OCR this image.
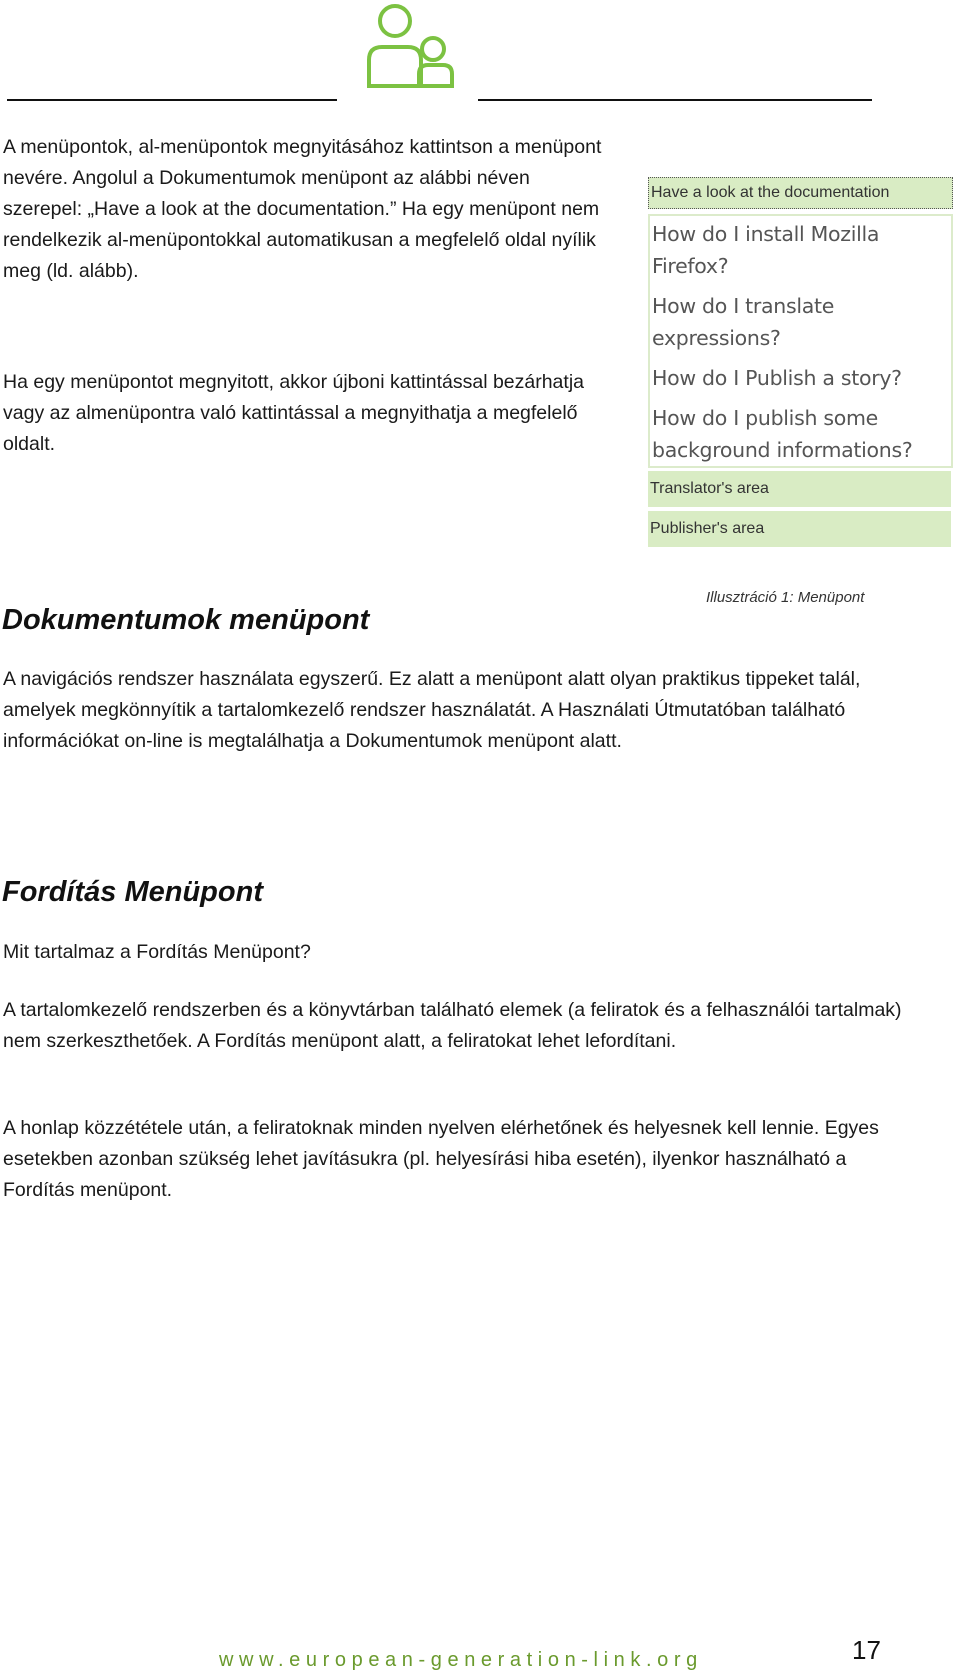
A menüpontok, al-menüpontok megnyitásához kattintson a menüpont nevére. Angolul a Dokumentumok menüpont az alábbi néven szerepel: „Have a look at the documentation.” Ha egy menüpont nem rendelkezik al-menüpontokkal automatikusan a megfelelő oldal nyílik meg (ld. alább).

Ha egy menüpontot megnyitott, akkor újboni kattintással bezárhatja vagy az almenüpontra való kattintással a megnyithatja a megfelelő oldalt.

Have a look at the documentation
How do I install Mozilla Firefox?
How do I translate expressions?
How do I Publish a story?
How do I publish some background informations?
Translator's area
Publisher's area
Illusztráció 1: Menüpont
Dokumentumok menüpont

A navigációs rendszer használata egyszerű. Ez alatt a menüpont alatt olyan praktikus tippeket talál, amelyek megkönnyítik a tartalomkezelő rendszer használatát. A Használati Útmutatóban található információkat on-line is megtalálhatja a Dokumentumok menüpont alatt.

Fordítás Menüpont

Mit tartalmaz a Fordítás Menüpont?

A tartalomkezelő rendszerben és a könyvtárban található elemek (a feliratok és a felhasználói tartalmak) nem szerkeszthetőek. A Fordítás menüpont alatt, a feliratokat lehet lefordítani.

A honlap közzététele után, a feliratoknak minden nyelven elérhetőnek és helyesnek kell lennie. Egyes esetekben azonban szükség lehet javításukra (pl. helyesírási hiba esetén), ilyenkor használható a Fordítás menüpont.

www.european-generation-link.org	17
